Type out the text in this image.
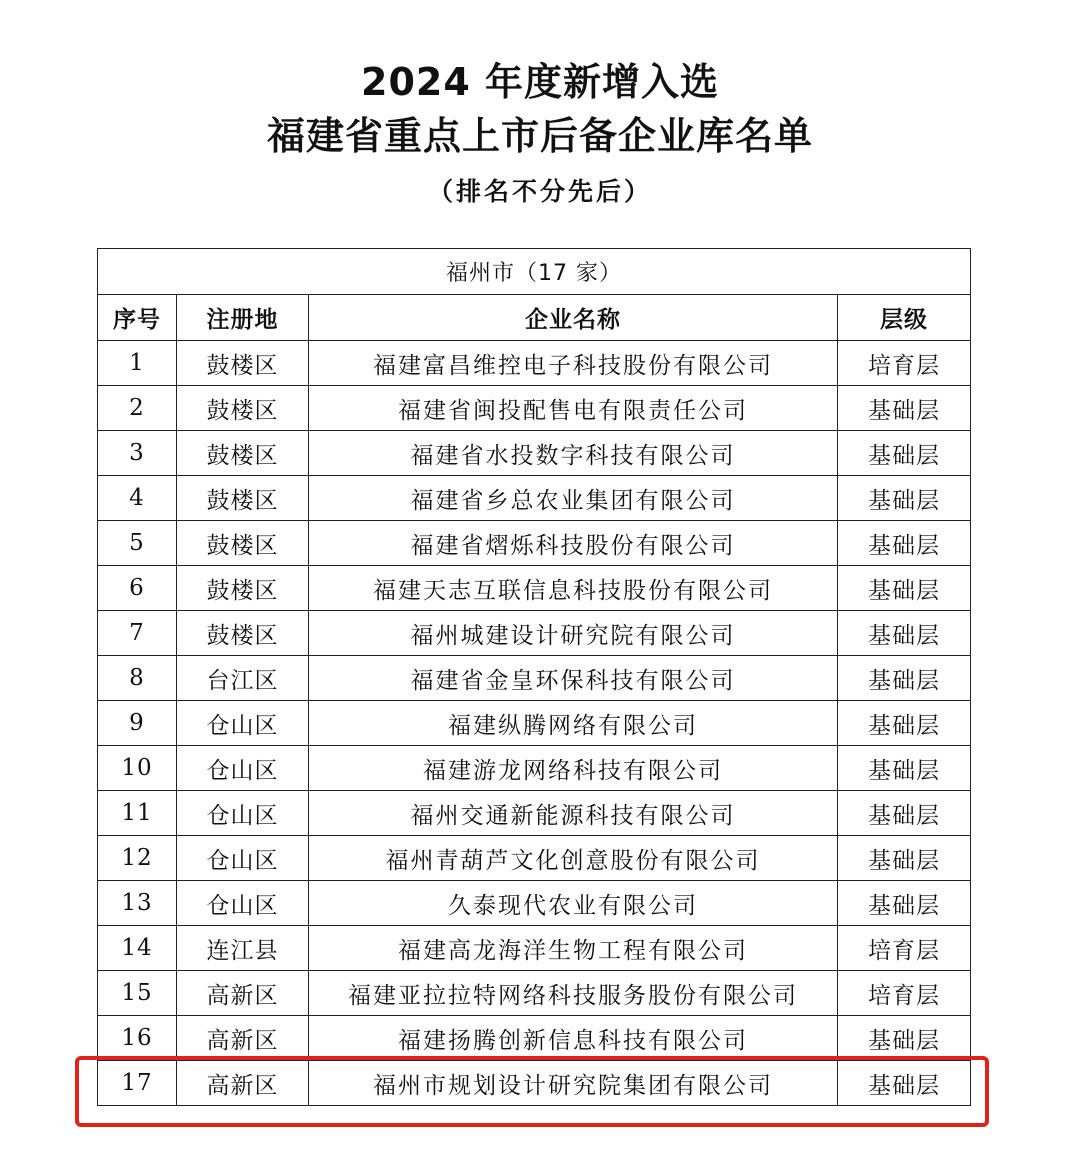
2024 年度新增入选
福建省重点上市后备企业库名单
（排名不分先后）
福州市（17 家）			
序号	注册地	企业名称	层级
1	鼓楼区	福建富昌维控电子科技股份有限公司	培育层
2	鼓楼区	福建省闽投配售电有限责任公司	基础层
3	鼓楼区	福建省水投数字科技有限公司	基础层
4	鼓楼区	福建省乡总农业集团有限公司	基础层
5	鼓楼区	福建省熠烁科技股份有限公司	基础层
6	鼓楼区	福建天志互联信息科技股份有限公司	基础层
7	鼓楼区	福州城建设计研究院有限公司	基础层
8	台江区	福建省金皇环保科技有限公司	基础层
9	仓山区	福建纵腾网络有限公司	基础层
10	仓山区	福建游龙网络科技有限公司	基础层
11	仓山区	福州交通新能源科技有限公司	基础层
12	仓山区	福州青葫芦文化创意股份有限公司	基础层
13	仓山区	久泰现代农业有限公司	基础层
14	连江县	福建高龙海洋生物工程有限公司	培育层
15	高新区	福建亚拉拉特网络科技服务股份有限公司	培育层
16	高新区	福建扬腾创新信息科技有限公司	基础层
17	高新区	福州市规划设计研究院集团有限公司	基础层
